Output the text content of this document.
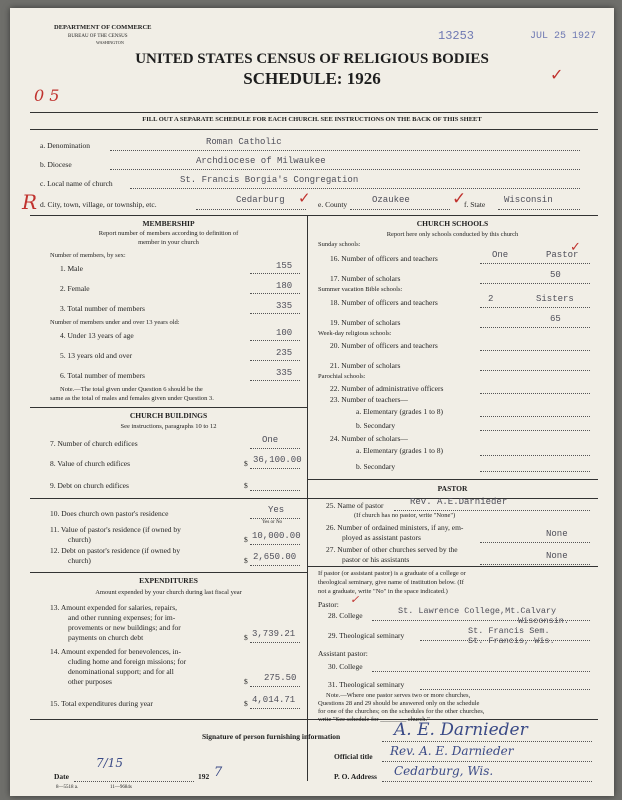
DEPARTMENT OF COMMERCE
BUREAU OF THE CENSUS
WASHINGTON	13253	JUL 25 1927
UNITED STATES CENSUS OF RELIGIOUS BODIES
SCHEDULE: 1926
0 5
✓
FILL OUT A SEPARATE SCHEDULE FOR EACH CHURCH. SEE INSTRUCTIONS ON THE BACK OF THIS SHEET
a. Denomination	Roman Catholic
b. Diocese	Archdiocese of Milwaukee
c. Local name of church	St. Francis Borgia's Congregation
R d. City, town, village, or township, etc.	Cedarburg ✓ e. County	Ozaukee ✓
f. State Wisconsin
MEMBERSHIP
Report number of members according to definition of
member in your church
Number of members, by sex:
1. Male	155
2. Female	180
3. Total number of members	335
Number of members under and over 13 years old:
4. Under 13 years of age	100
5. 13 years old and over	235
6. Total number of members	335
Note.—The total given under Question 6 should be the
same as the total of males and females given under Question 3.
CHURCH BUILDINGS
See instructions, paragraphs 10 to 12
7. Number of church edifices	One
8. Value of church edifices	$ 36,100.00
9. Debt on church edifices	$
10. Does church own pastor's residence	Yes
Yes or No
11. Value of pastor's residence (if owned by
church)	$ 10,000.00
12. Debt on pastor's residence (if owned by
church)	$ 2,650.00
EXPENDITURES
Amount expended by your church during last fiscal year
13. Amount expended for salaries, repairs,
and other running expenses; for im-
provements or new buildings; and for
payments on church debt	$ 3,739.21
14. Amount expended for benevolences, in-
cluding home and foreign missions; for
denominational support; and for all
other purposes	$ 275.50
15. Total expenditures during year	$ 4,014.71
CHURCH SCHOOLS
Report here only schools conducted by this church
Sunday schools:
16. Number of officers and teachers	One	Pastor
✓
17. Number of scholars	50
Summer vacation Bible schools:
18. Number of officers and teachers	2	Sisters
19. Number of scholars	65
Week-day religious schools:
20. Number of officers and teachers
21. Number of scholars
Parochial schools:
22. Number of administrative officers
23. Number of teachers—
a. Elementary (grades 1 to 8)
b. Secondary
24. Number of scholars—
a. Elementary (grades 1 to 8)
b. Secondary
PASTOR
25. Name of pastor	Rev. A.E.Darnieder
(If church has no pastor, write "None")
26. Number of ordained ministers, if any, em-
ployed as assistant pastors	None
27. Number of other churches served by the
pastor or his assistants	None
If pastor (or assistant pastor) is a graduate of a college or
theological seminary, give name of institution below. (If
not a graduate, write "No" in the space indicated.)
Pastor: ✓
28. College	St. Lawrence College,Mt.Calvary
Wisconsin.
29. Theological seminary	St. Francis Sem.
St. Francis, Wis.
Assistant pastor:
30. College
31. Theological seminary
Note.—Where one pastor serves two or more churches,
Questions 28 and 29 should be answered only on the schedule
for one of the churches; on the schedules for the other churches,
write "See schedule for ________ church."
Signature of person furnishing information	A. E. Darnieder
Official title Rev. A. E. Darnieder
P. O. Address Cedarburg, Wis.
Date
7/15
192 7
8—5518 a.	11—9684s
